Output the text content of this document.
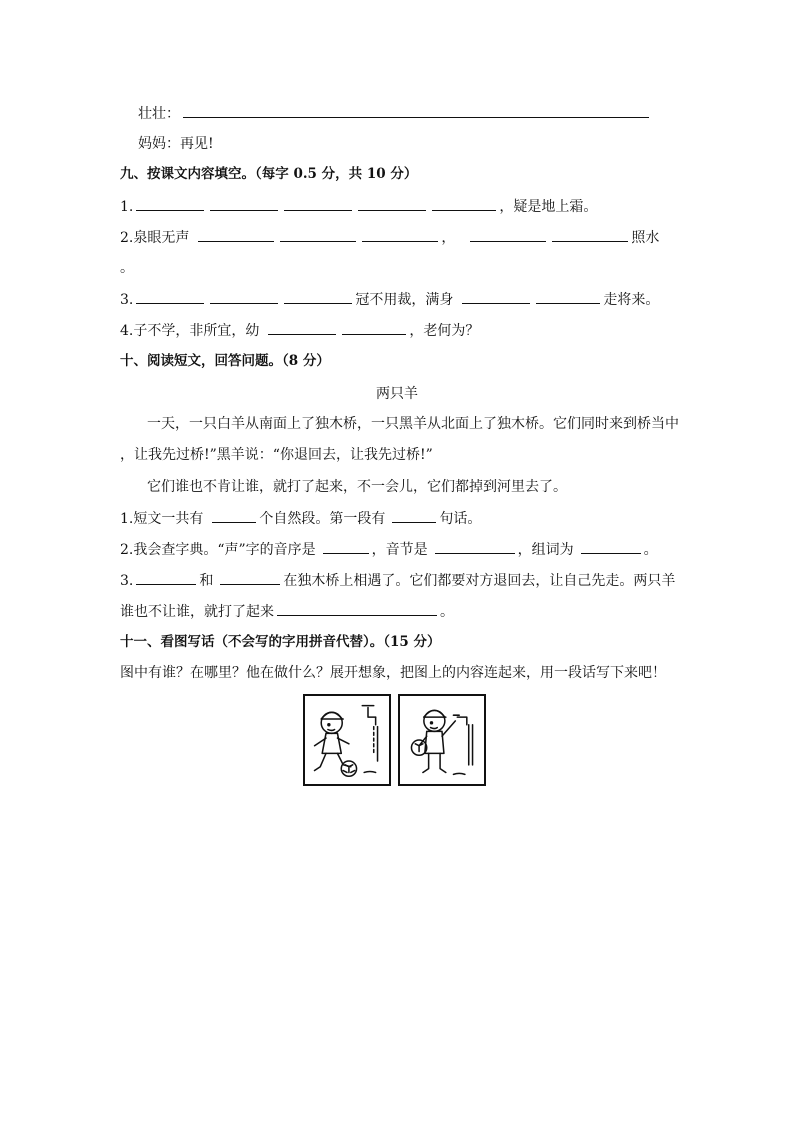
壮壮：
妈妈：再见!
九、按课文内容填空。（每字 0.5 分，共 10 分）
1.	，疑是地上霜。
2.泉眼无声	，	照水
。
3.	冠不用裁，满身	走将来。
4.子不学，非所宜，幼	，老何为？
十、阅读短文，回答问题。（8 分）
两只羊
一天，一只白羊从南面上了独木桥，一只黑羊从北面上了独木桥。它们同时来到桥当中
，让我先过桥!”黑羊说：“你退回去，让我先过桥!”
它们谁也不肯让谁，就打了起来，不一会儿，它们都掉到河里去了。
1.短文一共有	个自然段。第一段有	句话。
2.我会查字典。“声”字的音序是	，音节是	，组词为	。
3.	和	在独木桥上相遇了。它们都要对方退回去，让自己先走。两只羊
谁也不让谁，就打了起来	。
十一、看图写话（不会写的字用拼音代替）。（15 分）
图中有谁？在哪里？他在做什么？展开想象，把图上的内容连起来，用一段话写下来吧！
